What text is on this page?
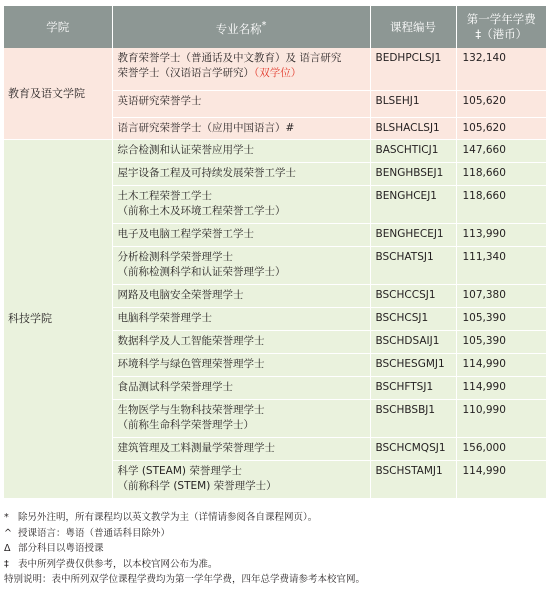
学院	专业名称*	课程编号	第一学年学费
‡（港币）

教育及语文学院	教育荣誉学士（普通话及中文教育）及 语言研究
荣誉学士（汉语语言学研究）（双学位）	BEDHPCLSJ1	132,140

	英语研究荣誉学士	BLSEHJ1	105,620

	语言研究荣誉学士（应用中国语言）#	BLSHACLSJ1	105,620
科技学院	综合检测和认证荣誉应用学士	BASCHTICJ1	147,660

	屋宇设备工程及可持续发展荣誉工学士	BENGHBSEJ1	118,660

	土木工程荣誉工学士
（前称土木及环境工程荣誉工学士）	BENGHCEJ1	118,660

	电子及电脑工程学荣誉工学士	BENGHECEJ1	113,990

	分析检测科学荣誉理学士
（前称检测科学和认证荣誉理学士）	BSCHATSJ1	111,340

	网路及电脑安全荣誉理学士	BSCHCCSJ1	107,380

	电脑科学荣誉理学士	BSCHCSJ1	105,390

	数据科学及人工智能荣誉理学士	BSCHDSAIJ1	105,390

	环境科学与绿色管理荣誉理学士	BSCHESGMJ1	114,990

	食品测试科学荣誉理学士	BSCHFTSJ1	114,990

	生物医学与生物科技荣誉理学士
（前称生命科学荣誉理学士）	BSCHBSBJ1	110,990

	建筑管理及工料测量学荣誉理学士	BSCHCMQSJ1	156,000

	科学 (STEAM) 荣誉理学士
（前称科学 (STEM) 荣誉理学士）	BSCHSTAMJ1	114,990
* 除另外注明，所有课程均以英文教学为主（详情请参阅各自课程网页）。
^ 授课语言：粤语（普通话科目除外）
Δ 部分科目以粤语授课
‡ 表中所列学费仅供参考，以本校官网公布为准。
特别说明：表中所列双学位课程学费均为第一学年学费，四年总学费请参考本校官网。
